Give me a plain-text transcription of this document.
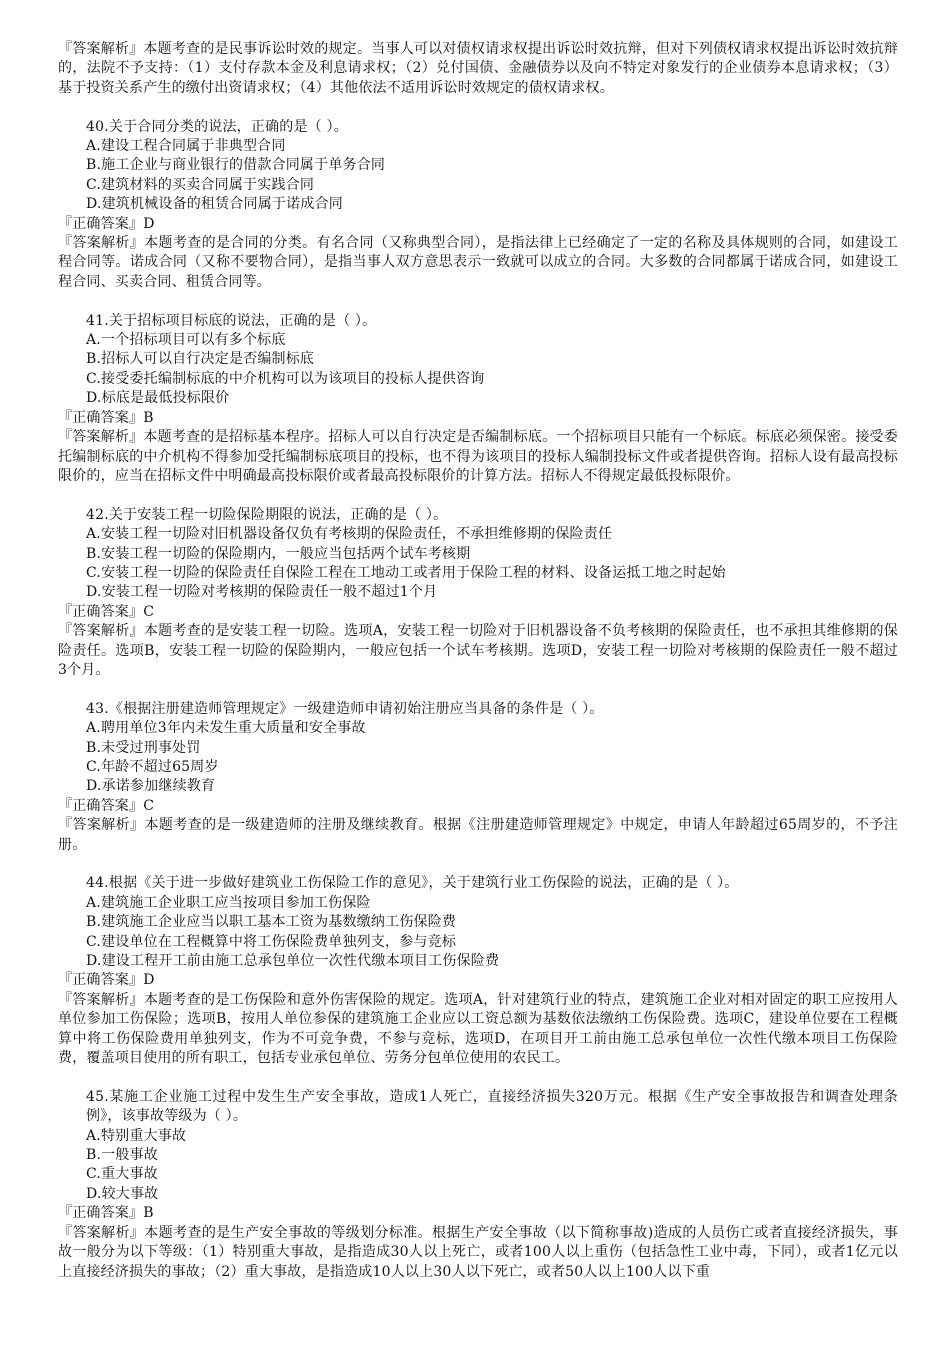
『答案解析』本题考查的是民事诉讼时效的规定。当事人可以对债权请求权提出诉讼时效抗辩，但对下列债权请求权提出诉讼时效抗辩的，法院不予支持：（1）支付存款本金及利息请求权；（2）兑付国债、金融债券以及向不特定对象发行的企业债券本息请求权；（3）基于投资关系产生的缴付出资请求权；（4）其他依法不适用诉讼时效规定的债权请求权。

40.关于合同分类的说法，正确的是（ ）。

A.建设工程合同属于非典型合同

B.施工企业与商业银行的借款合同属于单务合同

C.建筑材料的买卖合同属于实践合同

D.建筑机械设备的租赁合同属于诺成合同

『正确答案』D

『答案解析』本题考查的是合同的分类。有名合同（又称典型合同），是指法律上已经确定了一定的名称及具体规则的合同，如建设工程合同等。诺成合同（又称不要物合同），是指当事人双方意思表示一致就可以成立的合同。大多数的合同都属于诺成合同，如建设工程合同、买卖合同、租赁合同等。

41.关于招标项目标底的说法，正确的是（ ）。

A.一个招标项目可以有多个标底

B.招标人可以自行决定是否编制标底

C.接受委托编制标底的中介机构可以为该项目的投标人提供咨询

D.标底是最低投标限价

『正确答案』B

『答案解析』本题考查的是招标基本程序。招标人可以自行决定是否编制标底。一个招标项目只能有一个标底。标底必须保密。接受委托编制标底的中介机构不得参加受托编制标底项目的投标，也不得为该项目的投标人编制投标文件或者提供咨询。招标人设有最高投标限价的，应当在招标文件中明确最高投标限价或者最高投标限价的计算方法。招标人不得规定最低投标限价。

42.关于安装工程一切险保险期限的说法，正确的是（ ）。

A.安装工程一切险对旧机器设备仅负有考核期的保险责任，不承担维修期的保险责任

B.安装工程一切险的保险期内，一般应当包括两个试车考核期

C.安装工程一切险的保险责任自保险工程在工地动工或者用于保险工程的材料、设备运抵工地之时起始

D.安装工程一切险对考核期的保险责任一般不超过1个月

『正确答案』C

『答案解析』本题考查的是安装工程一切险。选项A，安装工程一切险对于旧机器设备不负考核期的保险责任，也不承担其维修期的保险责任。选项B，安装工程一切险的保险期内，一般应包括一个试车考核期。选项D，安装工程一切险对考核期的保险责任一般不超过3个月。

43.《根据注册建造师管理规定》一级建造师申请初始注册应当具备的条件是（ ）。

A.聘用单位3年内未发生重大质量和安全事故

B.未受过刑事处罚

C.年龄不超过65周岁

D.承诺参加继续教育

『正确答案』C

『答案解析』本题考查的是一级建造师的注册及继续教育。根据《注册建造师管理规定》中规定，申请人年龄超过65周岁的，不予注册。

44.根据《关于进一步做好建筑业工伤保险工作的意见》，关于建筑行业工伤保险的说法，正确的是（ ）。

A.建筑施工企业职工应当按项目参加工伤保险

B.建筑施工企业应当以职工基本工资为基数缴纳工伤保险费

C.建设单位在工程概算中将工伤保险费单独列支，参与竞标

D.建设工程开工前由施工总承包单位一次性代缴本项目工伤保险费

『正确答案』D

『答案解析』本题考查的是工伤保险和意外伤害保险的规定。选项A，针对建筑行业的特点，建筑施工企业对相对固定的职工应按用人单位参加工伤保险；选项B，按用人单位参保的建筑施工企业应以工资总额为基数依法缴纳工伤保险费。选项C，建设单位要在工程概算中将工伤保险费用单独列支，作为不可竞争费，不参与竞标，选项D，在项目开工前由施工总承包单位一次性代缴本项目工伤保险费，覆盖项目使用的所有职工，包括专业承包单位、劳务分包单位使用的农民工。

45.某施工企业施工过程中发生生产安全事故，造成1人死亡，直接经济损失320万元。根据《生产安全事故报告和调查处理条例》，该事故等级为（ ）。

A.特别重大事故

B.一般事故

C.重大事故

D.较大事故

『正确答案』B

『答案解析』本题考查的是生产安全事故的等级划分标准。根据生产安全事故（以下简称事故)造成的人员伤亡或者直接经济损失，事故一般分为以下等级：（1）特别重大事故，是指造成30人以上死亡，或者100人以上重伤（包括急性工业中毒，下同），或者1亿元以上直接经济损失的事故；（2）重大事故，是指造成10人以上30人以下死亡，或者50人以上100人以下重
